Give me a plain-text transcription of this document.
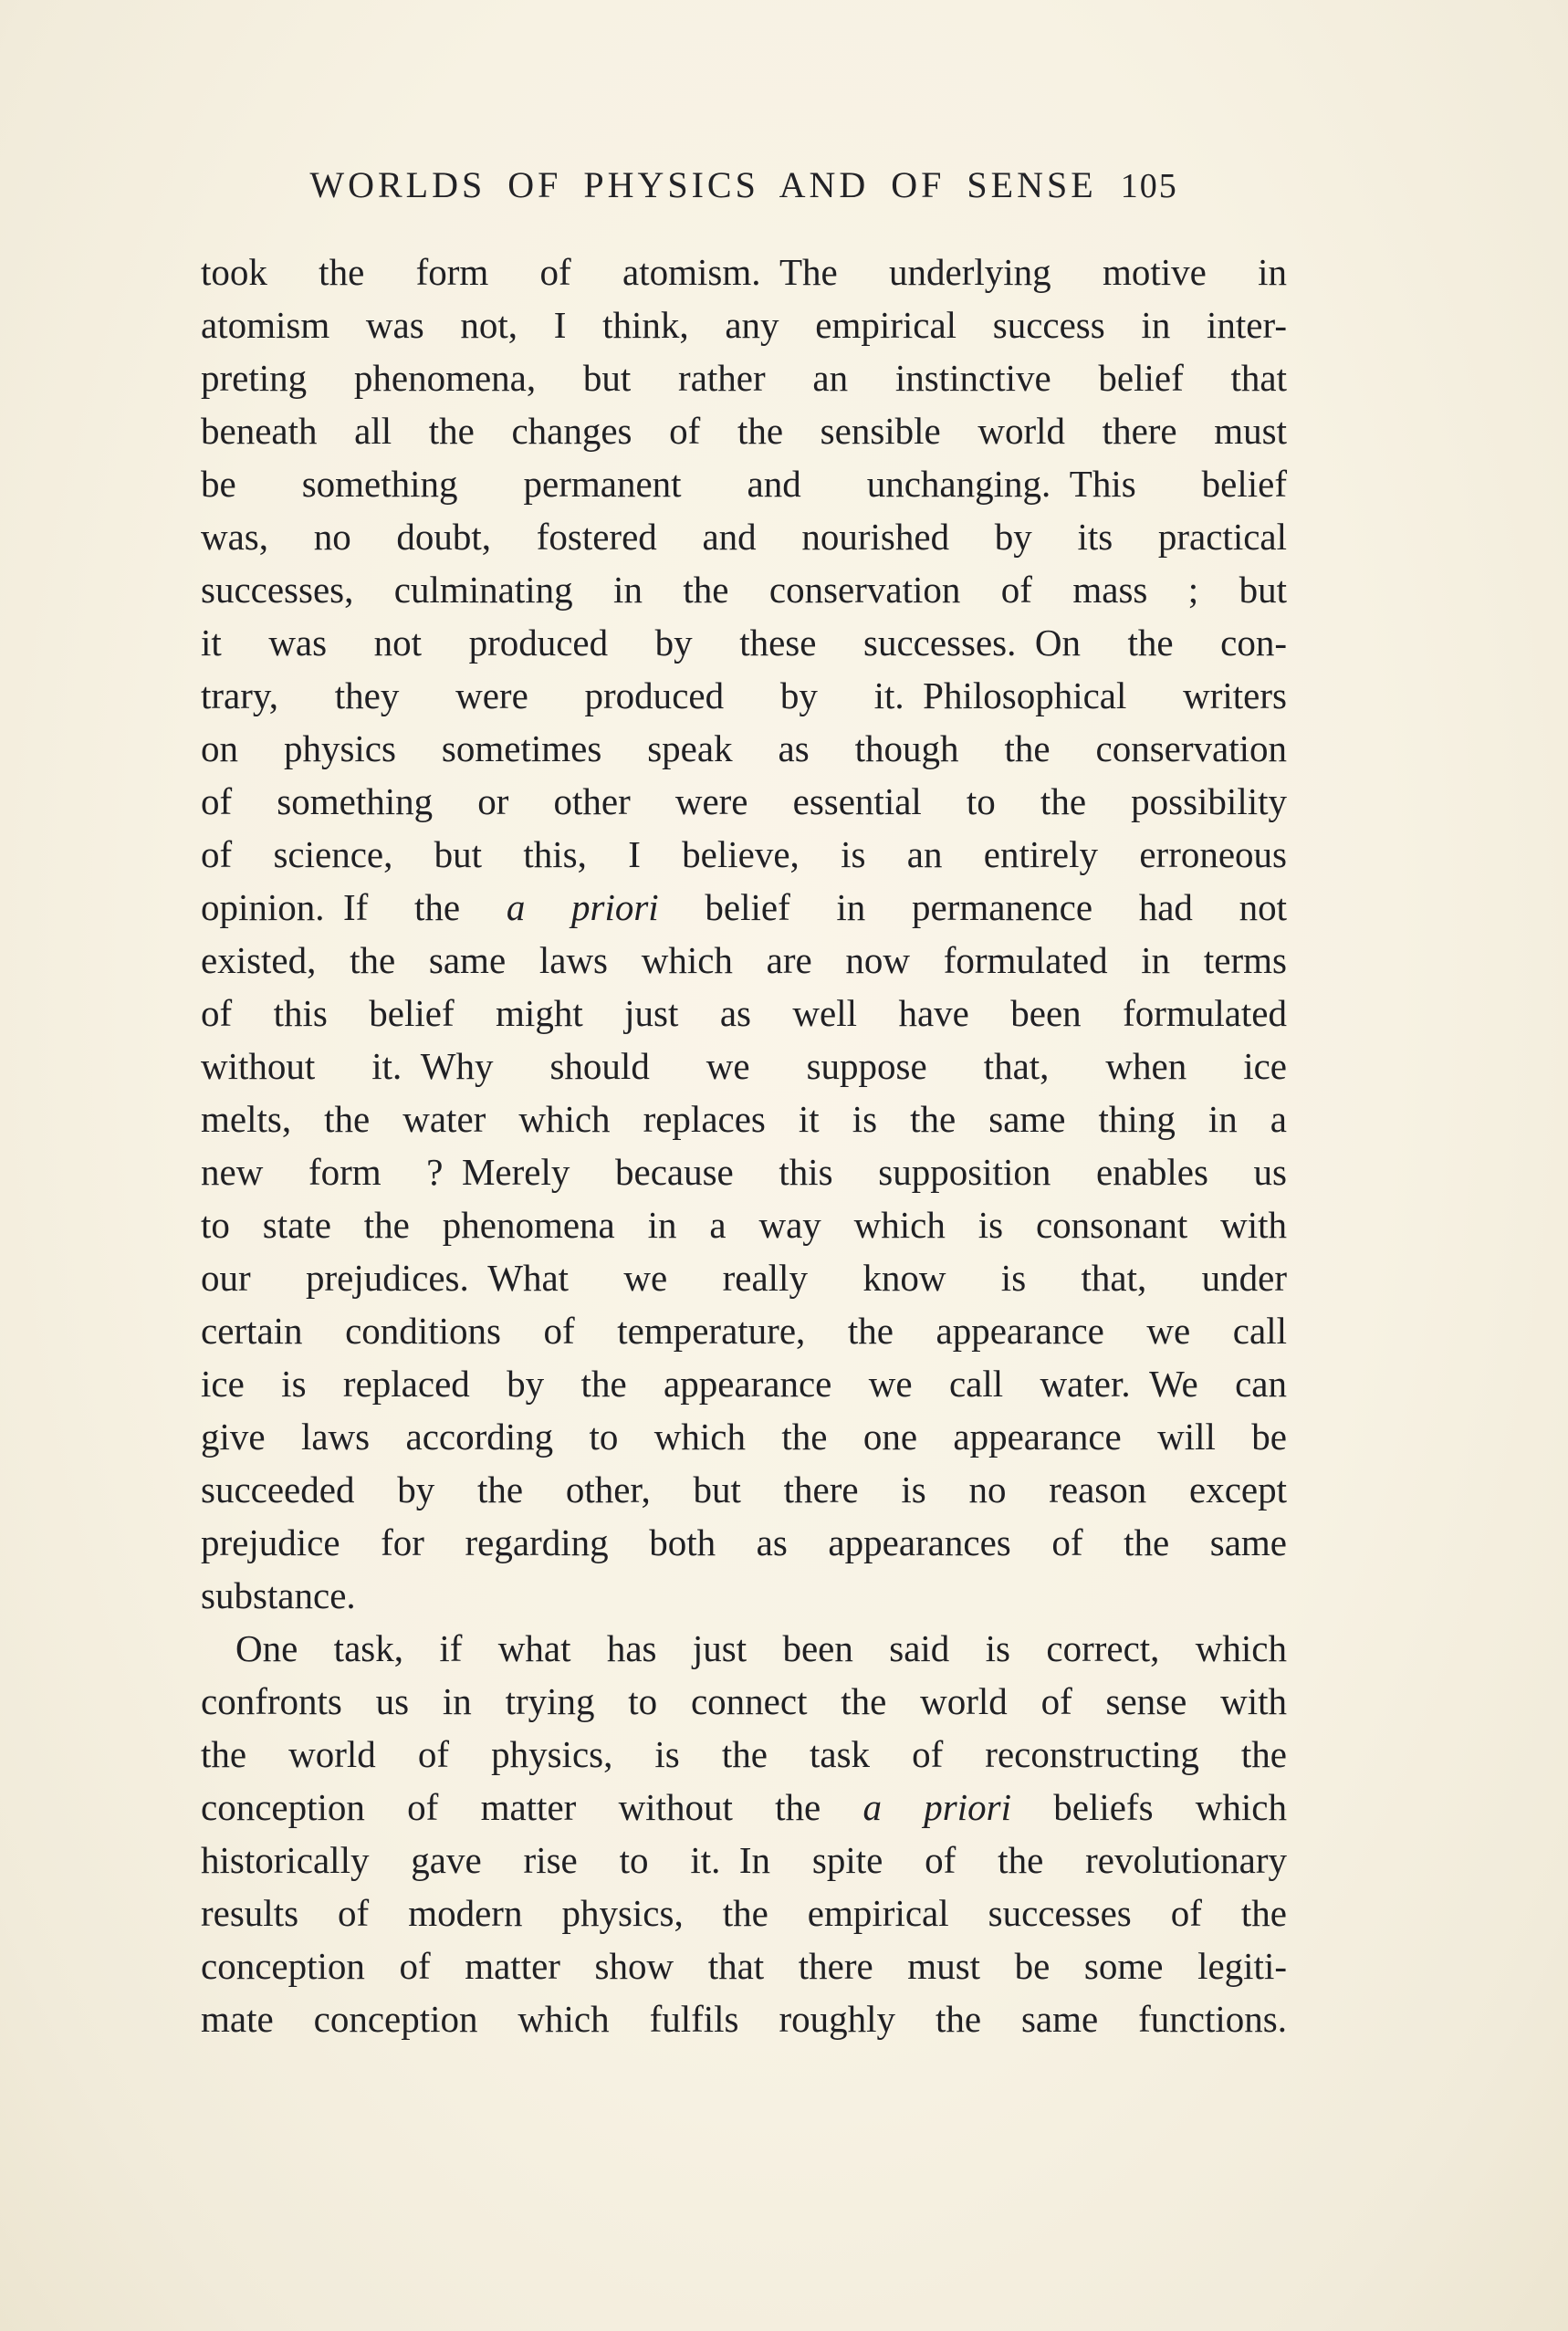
WORLDS OF PHYSICS AND OF SENSE 105
took the form of atomism. The underlying motive in
atomism was not, I think, any empirical success in inter-
preting phenomena, but rather an instinctive belief that
beneath all the changes of the sensible world there must
be something permanent and unchanging. This belief
was, no doubt, fostered and nourished by its practical
successes, culminating in the conservation of mass ; but
it was not produced by these successes. On the con-
trary, they were produced by it. Philosophical writers
on physics sometimes speak as though the conservation
of something or other were essential to the possibility
of science, but this, I believe, is an entirely erroneous
opinion. If the a priori belief in permanence had not
existed, the same laws which are now formulated in terms
of this belief might just as well have been formulated
without it. Why should we suppose that, when ice
melts, the water which replaces it is the same thing in a
new form ? Merely because this supposition enables us
to state the phenomena in a way which is consonant with
our prejudices. What we really know is that, under
certain conditions of temperature, the appearance we call
ice is replaced by the appearance we call water. We can
give laws according to which the one appearance will be
succeeded by the other, but there is no reason except
prejudice for regarding both as appearances of the same
substance.
One task, if what has just been said is correct, which
confronts us in trying to connect the world of sense with
the world of physics, is the task of reconstructing the
conception of matter without the a priori beliefs which
historically gave rise to it. In spite of the revolutionary
results of modern physics, the empirical successes of the
conception of matter show that there must be some legiti-
mate conception which fulfils roughly the same functions.
